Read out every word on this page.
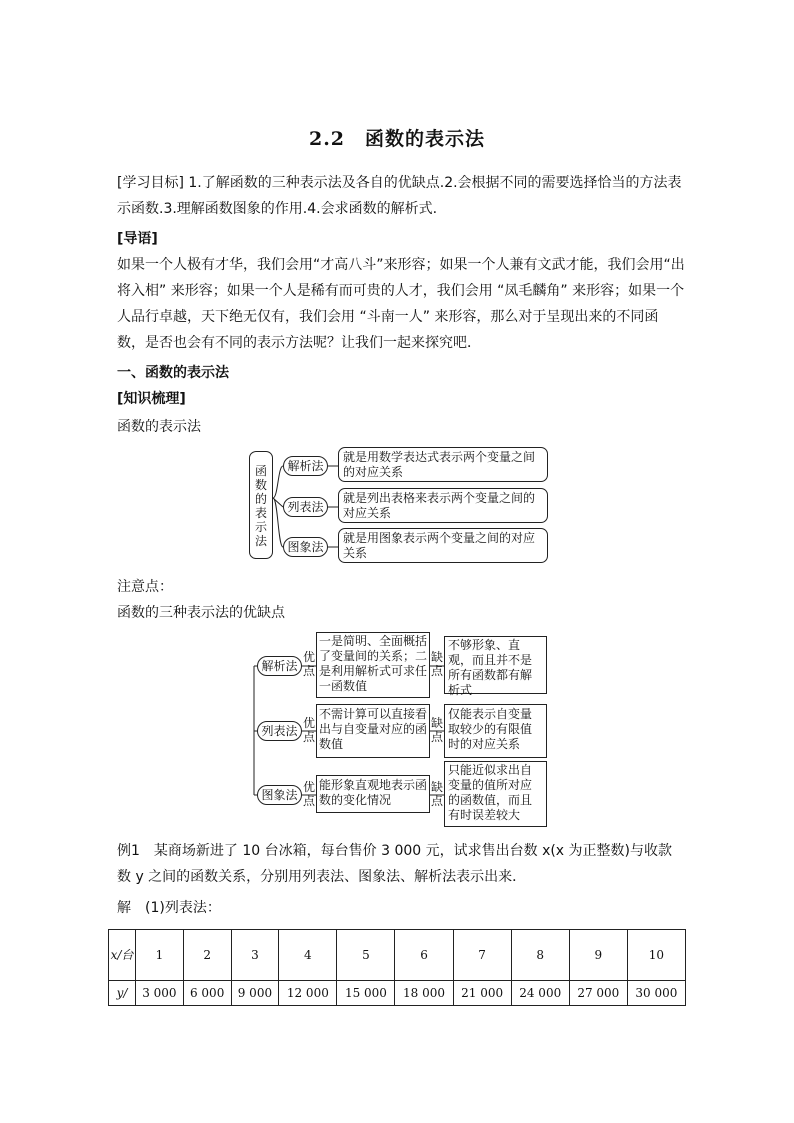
2.2　函数的表示法
[学习目标] 1.了解函数的三种表示法及各自的优缺点.2.会根据不同的需要选择恰当的方法表示函数.3.理解函数图象的作用.4.会求函数的解析式.
[导语]
如果一个人极有才华，我们会用“才高八斗”来形容；如果一个人兼有文武才能，我们会用“出将入相” 来形容；如果一个人是稀有而可贵的人才，我们会用 “凤毛麟角” 来形容；如果一个人品行卓越，天下绝无仅有，我们会用 “斗南一人” 来形容，那么对于呈现出来的不同函数，是否也会有不同的表示方法呢？让我们一起来探究吧．
一、函数的表示法
[知识梳理]
函数的表示法
函
数
的
表
示
法
解析法
就是用数学表达式表示两个变量之间的对应关系
列表法
就是列出表格来表示两个变量之间的对应关系
图象法
就是用图象表示两个变量之间的对应关系
注意点：
函数的三种表示法的优缺点
解析法
优
点
一是简明、全面概括了变量间的关系；二是利用解析式可求任一函数值
缺
点
不够形象、直观，而且并不是所有函数都有解析式
列表法
优
点
不需计算可以直接看出与自变量对应的函数值
缺
点
仅能表示自变量取较少的有限值时的对应关系
图象法
优
点
能形象直观地表示函数的变化情况
缺
点
只能近似求出自变量的值所对应的函数值，而且有时误差较大
例1　某商场新进了 10 台冰箱，每台售价 3 000 元，试求售出台数 x(x 为正整数)与收款数 y 之间的函数关系，分别用列表法、图象法、解析法表示出来．
解　(1)列表法：
x/台	1	2	3	4	5	6	7	8	9	10
y/	3 000	6 000	9 000	12 000	15 000	18 000	21 000	24 000	27 000	30 000
